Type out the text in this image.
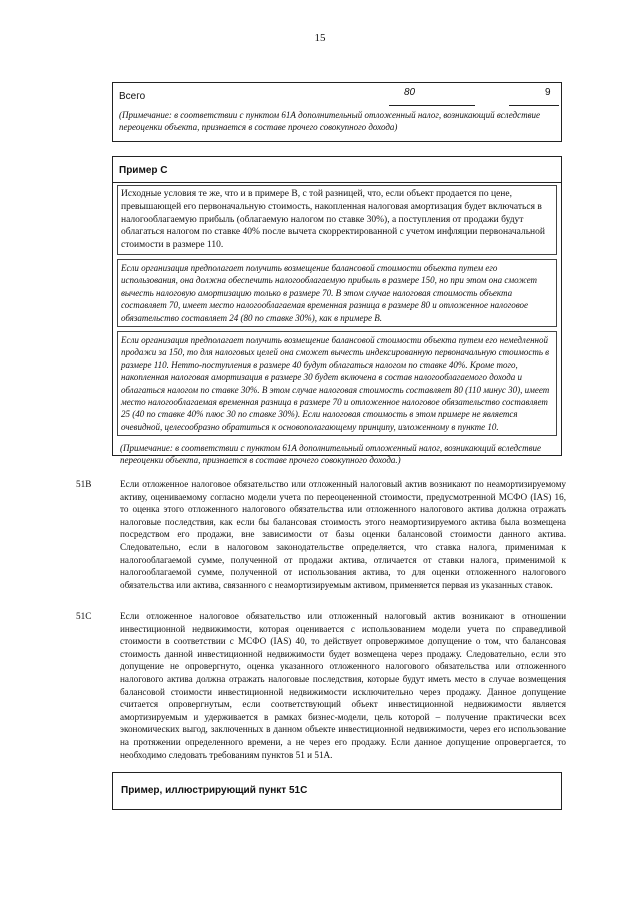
15
Всего	80	9
(Примечание: в соответствии с пунктом 61А дополнительный отложенный налог, возникающий вследствие переоценки объекта, признается в составе прочего совокупного дохода)
Пример С
Исходные условия те же, что и в примере В, с той разницей, что, если объект продается по цене, превышающей его первоначальную стоимость, накопленная налоговая амортизация будет включаться в налогооблагаемую прибыль (облагаемую налогом по ставке 30%), а поступления от продажи будут облагаться налогом по ставке 40% после вычета скорректированной с учетом инфляции первоначальной стоимости в размере 110.
Если организация предполагает получить возмещение балансовой стоимости объекта путем его использования, она должна обеспечить налогооблагаемую прибыль в размере 150, но при этом она сможет вычесть налоговую амортизацию только в размере 70. В этом случае налоговая стоимость объекта составляет 70, имеет место налогооблагаемая временная разница в размере 80 и отложенное налоговое обязательство составляет 24 (80 по ставке 30%), как в примере В.
Если организация предполагает получить возмещение балансовой стоимости объекта путем его немедленной продажи за 150, то для налоговых целей она сможет вычесть индексированную первоначальную стоимость в размере 110. Нетто-поступления в размере 40 будут облагаться налогом по ставке 40%. Кроме того, накопленная налоговая амортизация в размере 30 будет включена в состав налогооблагаемого дохода и облагаться налогом по ставке 30%. В этом случае налоговая стоимость составляет 80 (110 минус 30), имеет место налогооблагаемая временная разница в размере 70 и отложенное налоговое обязательство составляет 25 (40 по ставке 40% плюс 30 по ставке 30%). Если налоговая стоимость в этом примере не является очевидной, целесообразно обратиться к основополагающему принципу, изложенному в пункте 10.
(Примечание: в соответствии с пунктом 61А дополнительный отложенный налог, возникающий вследствие переоценки объекта, признается в составе прочего совокупного дохода.)
51В	Если отложенное налоговое обязательство или отложенный налоговый актив возникают по неамортизируемому активу, оцениваемому согласно модели учета по переоцененной стоимости, предусмотренной МСФО (IAS) 16, то оценка этого отложенного налогового обязательства или отложенного налогового актива должна отражать налоговые последствия, как если бы балансовая стоимость этого неамортизируемого актива была возмещена посредством его продажи, вне зависимости от базы оценки балансовой стоимости данного актива. Следовательно, если в налоговом законодательстве определяется, что ставка налога, применимая к налогооблагаемой сумме, полученной от продажи актива, отличается от ставки налога, применимой к налогооблагаемой сумме, полученной от использования актива, то для оценки отложенного налогового обязательства или актива, связанного с неамортизируемым активом, применяется первая из указанных ставок.
51С	Если отложенное налоговое обязательство или отложенный налоговый актив возникают в отношении инвестиционной недвижимости, которая оценивается с использованием модели учета по справедливой стоимости в соответствии с МСФО (IAS) 40, то действует опровержимое допущение о том, что балансовая стоимость данной инвестиционной недвижимости будет возмещена через продажу. Следовательно, если это допущение не опровергнуто, оценка указанного отложенного налогового обязательства или отложенного налогового актива должна отражать налоговые последствия, которые будут иметь место в случае возмещения балансовой стоимости инвестиционной недвижимости исключительно через продажу. Данное допущение считается опровергнутым, если соответствующий объект инвестиционной недвижимости является амортизируемым и удерживается в рамках бизнес-модели, цель которой – получение практически всех экономических выгод, заключенных в данном объекте инвестиционной недвижимости, через его использование на протяжении определенного времени, а не через его продажу. Если данное допущение опровергается, то необходимо следовать требованиям пунктов 51 и 51А.
Пример, иллюстрирующий пункт 51С
